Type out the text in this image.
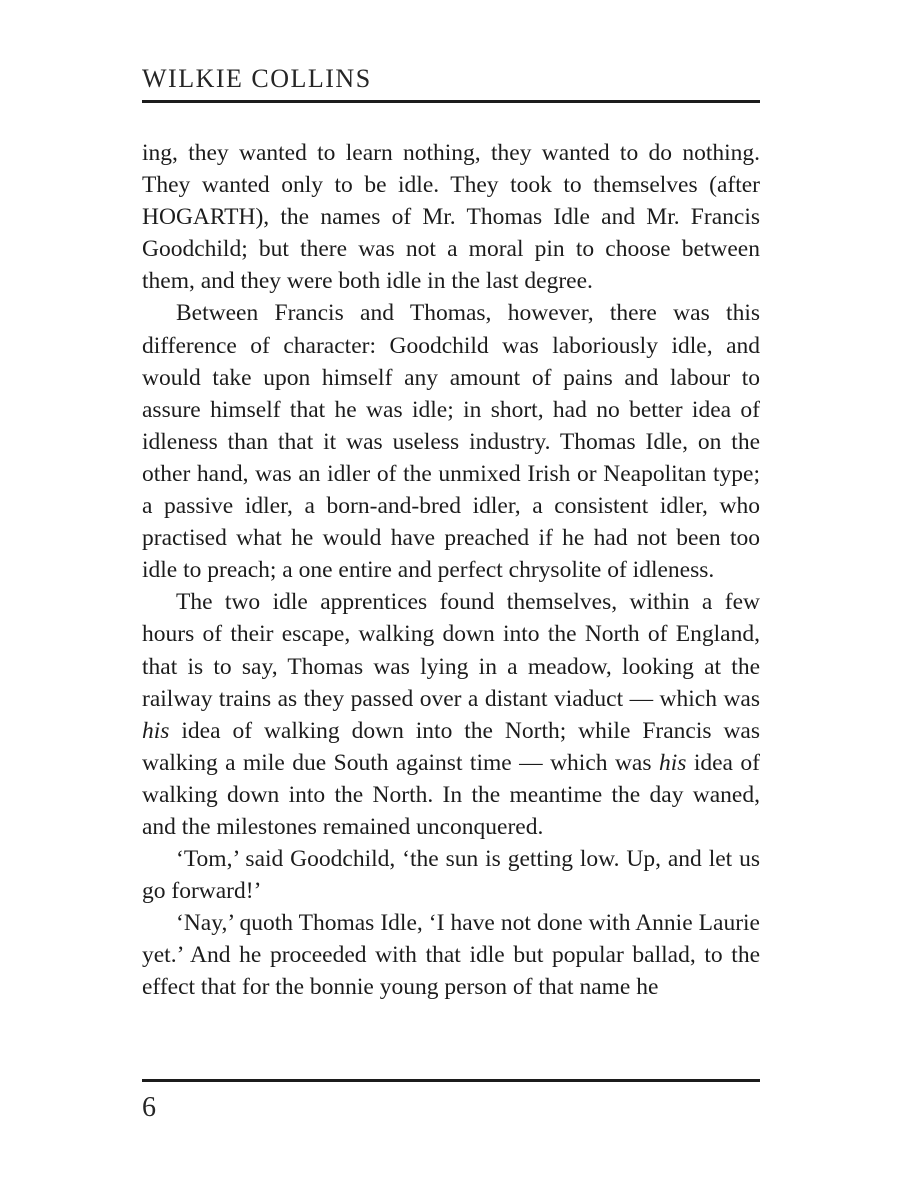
WILKIE COLLINS

ing, they wanted to learn nothing, they wanted to do nothing. They wanted only to be idle. They took to themselves (after HOGARTH), the names of Mr. Thomas Idle and Mr. Francis Goodchild; but there was not a moral pin to choose between them, and they were both idle in the last degree.

Between Francis and Thomas, however, there was this difference of character: Goodchild was laboriously idle, and would take upon himself any amount of pains and labour to assure himself that he was idle; in short, had no better idea of idleness than that it was useless industry. Thomas Idle, on the other hand, was an idler of the unmixed Irish or Neapolitan type; a passive idler, a born-and-bred idler, a consistent idler, who practised what he would have preached if he had not been too idle to preach; a one entire and perfect chrysolite of idleness.

The two idle apprentices found themselves, within a few hours of their escape, walking down into the North of England, that is to say, Thomas was lying in a meadow, looking at the railway trains as they passed over a distant viaduct — which was his idea of walking down into the North; while Francis was walking a mile due South against time — which was his idea of walking down into the North. In the meantime the day waned, and the milestones remained unconquered.

‘Tom,’ said Goodchild, ‘the sun is getting low. Up, and let us go forward!’

‘Nay,’ quoth Thomas Idle, ‘I have not done with Annie Laurie yet.’ And he proceeded with that idle but popular ballad, to the effect that for the bonnie young person of that name he

6
